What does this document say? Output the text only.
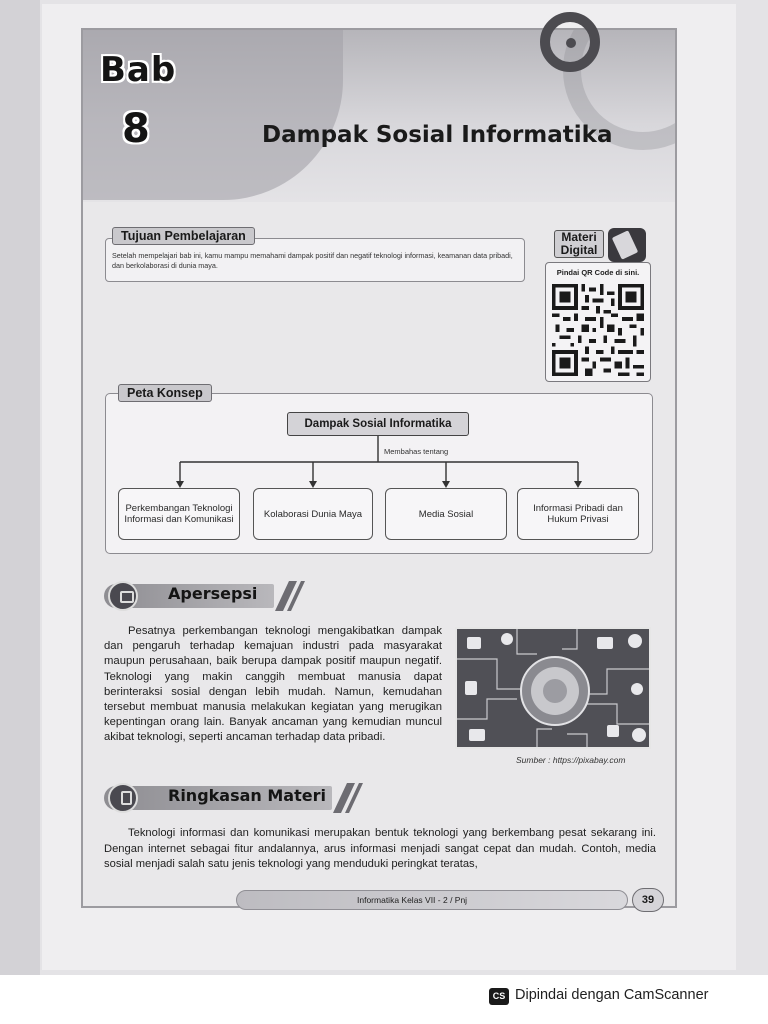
Bab
8	Dampak Sosial Informatika
Tujuan Pembelajaran
Setelah mempelajari bab ini, kamu mampu memahami dampak positif dan negatif teknologi informasi, keamanan data pribadi, dan berkolaborasi di dunia maya.
Materi
Digital
Pindai QR Code di sini.
Peta Konsep
Dampak Sosial Informatika
Membahas tentang
Perkembangan Teknologi Informasi dan Komunikasi	Kolaborasi Dunia Maya	Media Sosial	Informasi Pribadi dan Hukum Privasi
Apersepsi
Pesatnya perkembangan teknologi mengakibatkan dampak dan pengaruh terhadap kemajuan industri pada masyarakat maupun perusahaan, baik berupa dampak positif maupun negatif. Teknologi yang makin canggih membuat manusia dapat berinteraksi sosial dengan lebih mudah. Namun, kemudahan tersebut membuat manusia melakukan kegiatan yang merugikan kepentingan orang lain. Banyak ancaman yang kemudian muncul akibat teknologi, seperti ancaman terhadap data pribadi.
Sumber : https://pixabay.com
Ringkasan Materi
Teknologi informasi dan komunikasi merupakan bentuk teknologi yang berkembang pesat sekarang ini. Dengan internet sebagai fitur andalannya, arus informasi menjadi sangat cepat dan mudah. Contoh, media sosial menjadi salah satu jenis teknologi yang menduduki peringkat teratas,
Informatika Kelas VII - 2 / Pnj	39
CS Dipindai dengan CamScanner
